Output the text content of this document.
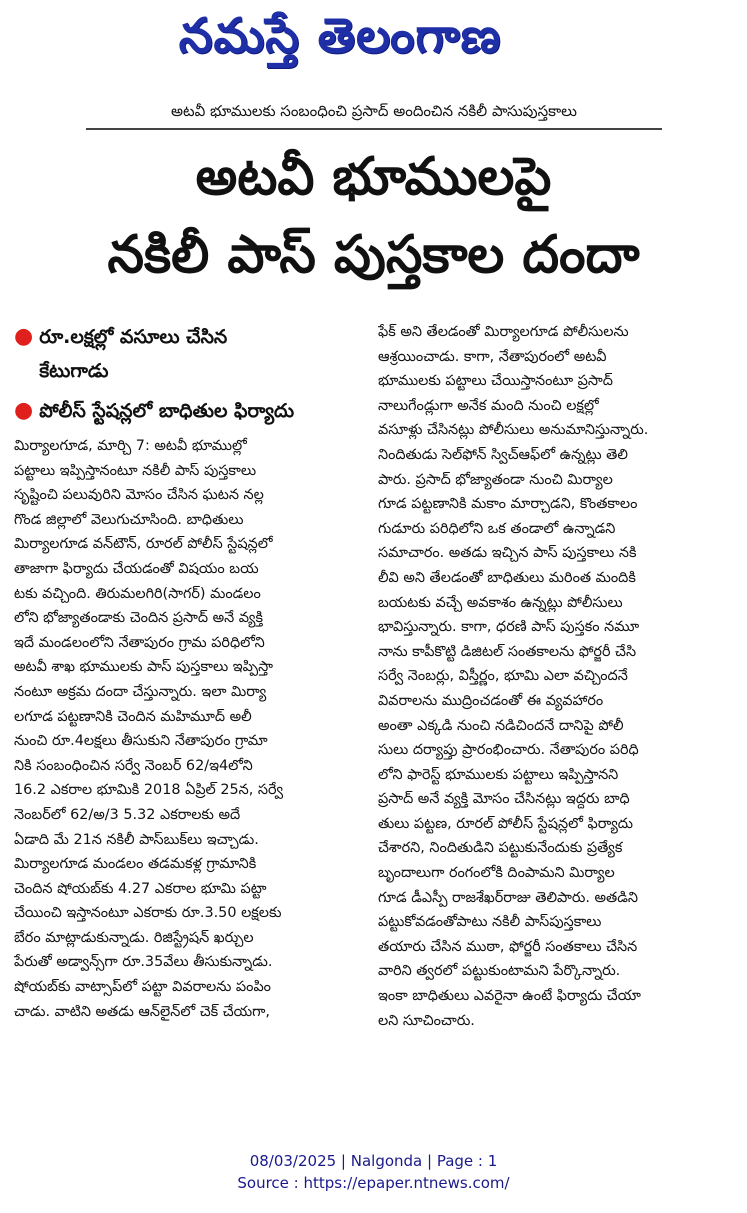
నమస్తే తెలంగాణ
అటవీ భూములకు సంబంధించి ప్రసాద్ అందించిన నకిలీ పాసుపుస్తకాలు
అటవీ భూములపై
నకిలీ పాస్ పుస్తకాల దందా
● రూ.లక్షల్లో వసూలు చేసిన
కేటుగాడు
● పోలీస్ స్టేషన్లలో బాధితుల ఫిర్యాదు
మిర్యాలగూడ, మార్చి 7: అటవీ భూముల్లో
పట్టాలు ఇప్పిస్తానంటూ నకిలీ పాస్ పుస్తకాలు
సృష్టించి పలువురిని మోసం చేసిన ఘటన నల్ల
గొండ జిల్లాలో వెలుగుచూసింది. బాధితులు
మిర్యాలగూడ వన్‌టౌన్, రూరల్ పోలీస్ స్టేషన్లలో
తాజాగా ఫిర్యాదు చేయడంతో విషయం బయ
టకు వచ్చింది. తిరుమలగిరి(సాగర్) మండలం
లోని భోజ్యాతండాకు చెందిన ప్రసాద్ అనే వ్యక్తి
ఇదే మండలంలోని నేతాపురం గ్రామ పరిధిలోని
అటవీ శాఖ భూములకు పాస్ పుస్తకాలు ఇప్పిస్తా
నంటూ అక్రమ దందా చేస్తున్నారు. ఇలా మిర్యా
లగూడ పట్టణానికి చెందిన మహిమూద్ అలీ
నుంచి రూ.4లక్షలు తీసుకుని నేతాపురం గ్రామా
నికి సంబంధించిన సర్వే నెంబర్ 62/ఇ4లోని
16.2 ఎకరాల భూమికి 2018 ఏప్రిల్ 25న, సర్వే
నెంబర్‌లో 62/అ/3 5.32 ఎకరాలకు అదే
ఏడాది మే 21న నకిలీ పాస్‌బుక్‌లు ఇచ్చాడు.
మిర్యాలగూడ మండలం తడమకళ్ల గ్రామానికి
చెందిన షోయబ్‌కు 4.27 ఎకరాల భూమి పట్టా
చేయించి ఇస్తానంటూ ఎకరాకు రూ.3.50 లక్షలకు
బేరం మాట్లాడుకున్నాడు. రిజిస్ట్రేషన్ ఖర్చుల
పేరుతో అడ్వాన్స్‌గా రూ.35వేలు తీసుకున్నాడు.
షోయబ్‌కు వాట్సాప్‌లో పట్టా వివరాలను పంపిం
చాడు. వాటిని అతడు ఆన్‌లైన్‌లో చెక్ చేయగా,
ఫేక్ అని తేలడంతో మిర్యాలగూడ పోలీసులను
ఆశ్రయించాడు. కాగా, నేతాపురంలో అటవీ
భూములకు పట్టాలు చేయిస్తానంటూ ప్రసాద్
నాలుగేండ్లుగా అనేక మంది నుంచి లక్షల్లో
వసూళ్లు చేసినట్లు పోలీసులు అనుమానిస్తున్నారు.
నిందితుడు సెల్‌ఫోన్ స్విచ్‌ఆఫ్‌లో ఉన్నట్లు తెలి
పారు. ప్రసాద్ భోజ్యాతండా నుంచి మిర్యాల
గూడ పట్టణానికి మకాం మార్చాడని, కొంతకాలం
గుడూరు పరిధిలోని ఒక తండాలో ఉన్నాడని
సమాచారం. అతడు ఇచ్చిన పాస్ పుస్తకాలు నకి
లీవి అని తేలడంతో బాధితులు మరింత మందికి
బయటకు వచ్చే అవకాశం ఉన్నట్లు పోలీసులు
భావిస్తున్నారు. కాగా, ధరణి పాస్ పుస్తకం నమూ
నాను కాపీకొట్టి డిజిటల్ సంతకాలను ఫోర్జరీ చేసి
సర్వే నెంబర్లు, విస్తీర్ణం, భూమి ఎలా వచ్చిందనే
వివరాలను ముద్రించడంతో ఈ వ్యవహారం
అంతా ఎక్కడి నుంచి నడిచిందనే దానిపై పోలీ
సులు దర్యాప్తు ప్రారంభించారు. నేతాపురం పరిధి
లోని ఫారెస్ట్ భూములకు పట్టాలు ఇప్పిస్తానని
ప్రసాద్ అనే వ్యక్తి మోసం చేసినట్లు ఇద్దరు బాధి
తులు పట్టణ, రూరల్ పోలీస్ స్టేషన్లలో ఫిర్యాదు
చేశారని, నిందితుడిని పట్టుకునేందుకు ప్రత్యేక
బృందాలుగా రంగంలోకి దింపామని మిర్యాల
గూడ డీఎస్పీ రాజశేఖర్‌రాజు తెలిపారు. అతడిని
పట్టుకోవడంతోపాటు నకిలీ పాస్‌పుస్తకాలు
తయారు చేసిన ముఠా, ఫోర్జరీ సంతకాలు చేసిన
వారిని త్వరలో పట్టుకుంటామని పేర్కొన్నారు.
ఇంకా బాధితులు ఎవరైనా ఉంటే ఫిర్యాదు చేయా
లని సూచించారు.
08/03/2025 | Nalgonda | Page : 1
Source : https://epaper.ntnews.com/
